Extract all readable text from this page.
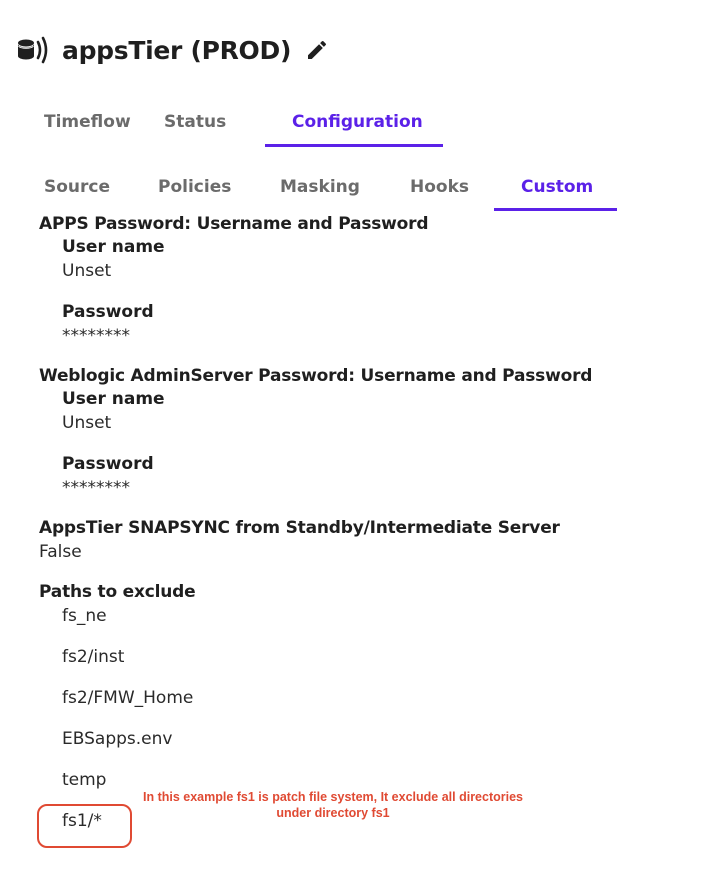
appsTier (PROD)
Timeflow	Status	Configuration
Source	Policies	Masking	Hooks	Custom
APPS Password: Username and Password
User name
Unset
Password
********
Weblogic AdminServer Password: Username and Password
User name
Unset
Password
********
AppsTier SNAPSYNC from Standby/Intermediate Server
False
Paths to exclude
fs_ne
fs2/inst
fs2/FMW_Home
EBSapps.env
temp
fs1/*
In this example fs1 is patch file system, It exclude all directories
under directory fs1
